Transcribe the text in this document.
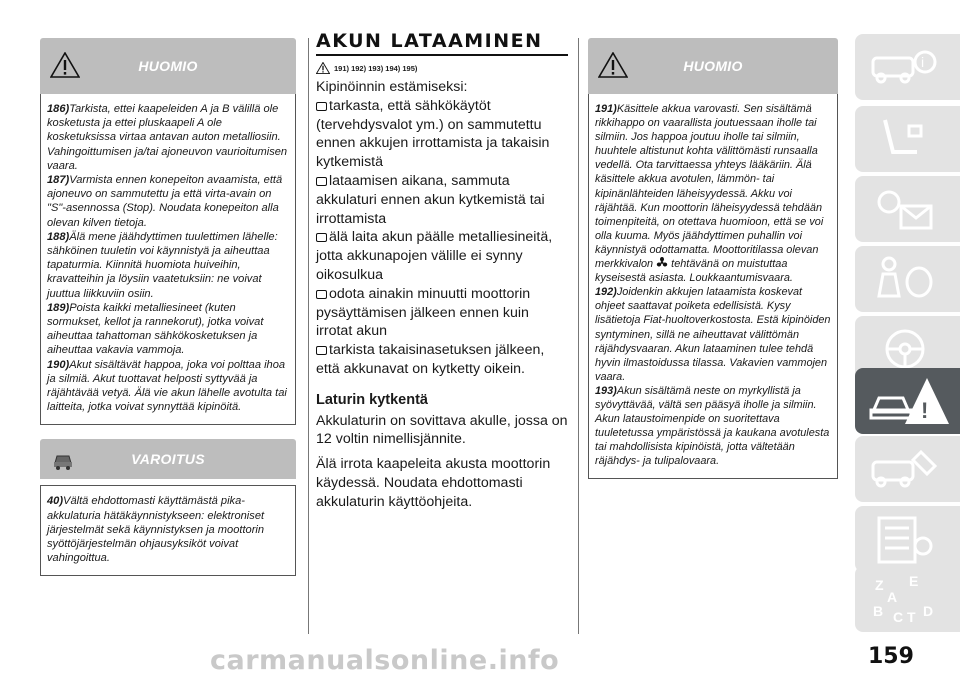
HUOMIO
186)Tarkista, ettei kaapeleiden A ja B välillä ole kosketusta ja ettei pluskaapeli A ole kosketuksissa virtaa antavan auton metalliosiin. Vahingoittumisen ja/tai ajoneuvon vaurioitumisen vaara.
187)Varmista ennen konepeiton avaamista, että ajoneuvo on sammutettu ja että virta-avain on "S"-asennossa (Stop). Noudata konepeiton alla olevan kilven tietoja.
188)Älä mene jäähdyttimen tuulettimen lähelle: sähköinen tuuletin voi käynnistyä ja aiheuttaa tapaturmia. Kiinnitä huomiota huiveihin, kravatteihin ja löysiin vaatetuksiin: ne voivat juuttua liikkuviin osiin.
189)Poista kaikki metalliesineet (kuten sormukset, kellot ja rannekorut), jotka voivat aiheuttaa tahattoman sähkökosketuksen ja aiheuttaa vakavia vammoja.
190)Akut sisältävät happoa, joka voi polttaa ihoa ja silmiä. Akut tuottavat helposti syttyvää ja räjähtävää vetyä. Älä vie akun lähelle avotulta tai laitteita, jotka voivat synnyttää kipinöitä.
VAROITUS
40)Vältä ehdottomasti käyttämästä pika-akkulaturia hätäkäynnistykseen: elektroniset järjestelmät sekä käynnistyksen ja moottorin syöttöjärjestelmän ohjausyksiköt voivat vahingoittua.
AKUN LATAAMINEN
191) 192) 193) 194) 195)

Kipinöinnin estämiseksi:

tarkasta, että sähkökäytöt (tervehdysvalot ym.) on sammutettu ennen akkujen irrottamista ja takaisin kytkemistä

lataamisen aikana, sammuta akkulaturi ennen akun kytkemistä tai irrottamista

älä laita akun päälle metalliesineitä, jotta akkunapojen välille ei synny oikosulkua

odota ainakin minuutti moottorin pysäyttämisen jälkeen ennen kuin irrotat akun

tarkista takaisinasetuksen jälkeen, että akkunavat on kytketty oikein.

Laturin kytkentä

Akkulaturin on sovittava akulle, jossa on 12 voltin nimellisjännite.

Älä irrota kaapeleita akusta moottorin käydessä. Noudata ehdottomasti akkulaturin käyttöohjeita.

HUOMIO
191)Käsittele akkua varovasti. Sen sisältämä rikkihappo on vaarallista joutuessaan iholle tai silmiin. Jos happoa joutuu iholle tai silmiin, huuhtele altistunut kohta välittömästi runsaalla vedellä. Ota tarvittaessa yhteys lääkäriin. Älä käsittele akkua avotulen, lämmön- tai kipinänlähteiden läheisyydessä. Akku voi räjähtää. Kun moottorin läheisyydessä tehdään toimenpiteitä, on otettava huomioon, että se voi olla kuuma. Myös jäähdyttimen puhallin voi käynnistyä odottamatta. Moottoritilassa olevan merkkivalon tehtävänä on muistuttaa kyseisestä asiasta. Loukkaantumisvaara.
192)Joidenkin akkujen lataamista koskevat ohjeet saattavat poiketa edellisistä. Kysy lisätietoja Fiat-huoltoverkostosta. Estä kipinöiden syntyminen, sillä ne aiheuttavat välittömän räjähdysvaaran. Akun lataaminen tulee tehdä hyvin ilmastoidussa tilassa. Vakavien vammojen vaara.
193)Akun sisältämä neste on myrkyllistä ja syövyttävää, vältä sen pääsyä iholle ja silmiin. Akun lataustoimenpide on suoritettava tuuletetussa ympäristössä ja kaukana avotulesta tai mahdollisista kipinöistä, jotta vältetään räjähdys- ja tulipalovaara.
i
!
Z E
A
B C T D
159
carmanualsonline.info
